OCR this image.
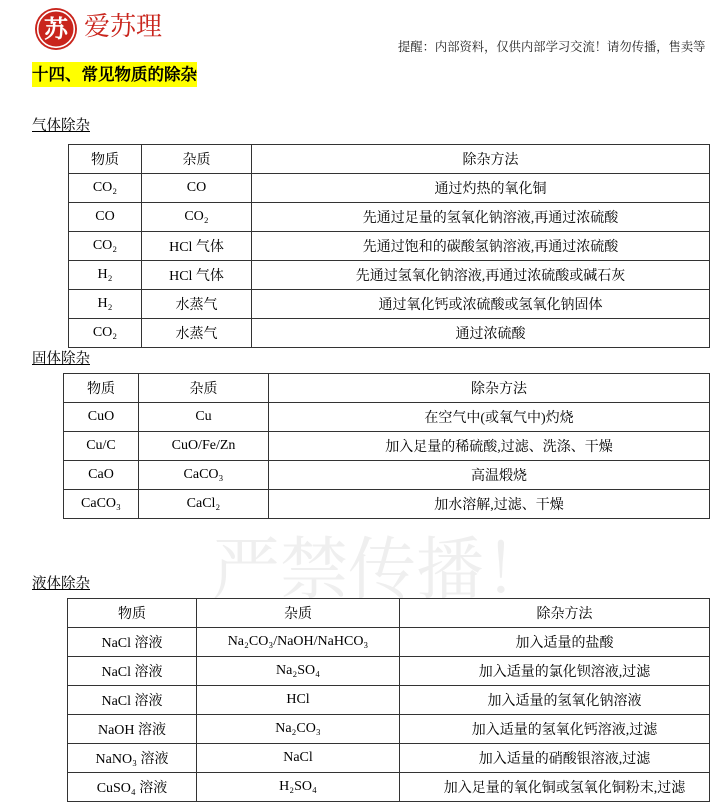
苏 爱苏理
提醒：内部资料，仅供内部学习交流！请勿传播，售卖等
十四、常见物质的除杂
严禁传播！
气体除杂
物质	杂质	除杂方法
CO₂	CO	通过灼热的氧化铜
CO	CO₂	先通过足量的氢氧化钠溶液,再通过浓硫酸
CO₂	HCl 气体	先通过饱和的碳酸氢钠溶液,再通过浓硫酸
H₂	HCl 气体	先通过氢氧化钠溶液,再通过浓硫酸或碱石灰
H₂	水蒸气	通过氧化钙或浓硫酸或氢氧化钠固体
CO₂	水蒸气	通过浓硫酸
固体除杂
物质	杂质	除杂方法
CuO	Cu	在空气中(或氧气中)灼烧
Cu/C	CuO/Fe/Zn	加入足量的稀硫酸,过滤、洗涤、干燥
CaO	CaCO₃	高温煅烧
CaCO₃	CaCl₂	加水溶解,过滤、干燥
液体除杂
物质	杂质	除杂方法
NaCl 溶液	Na₂CO₃/NaOH/NaHCO₃	加入适量的盐酸
NaCl 溶液	Na₂SO₄	加入适量的氯化钡溶液,过滤
NaCl 溶液	HCl	加入适量的氢氧化钠溶液
NaOH 溶液	Na₂CO₃	加入适量的氢氧化钙溶液,过滤
NaNO₃ 溶液	NaCl	加入适量的硝酸银溶液,过滤
CuSO₄ 溶液	H₂SO₄	加入足量的氧化铜或氢氧化铜粉末,过滤
